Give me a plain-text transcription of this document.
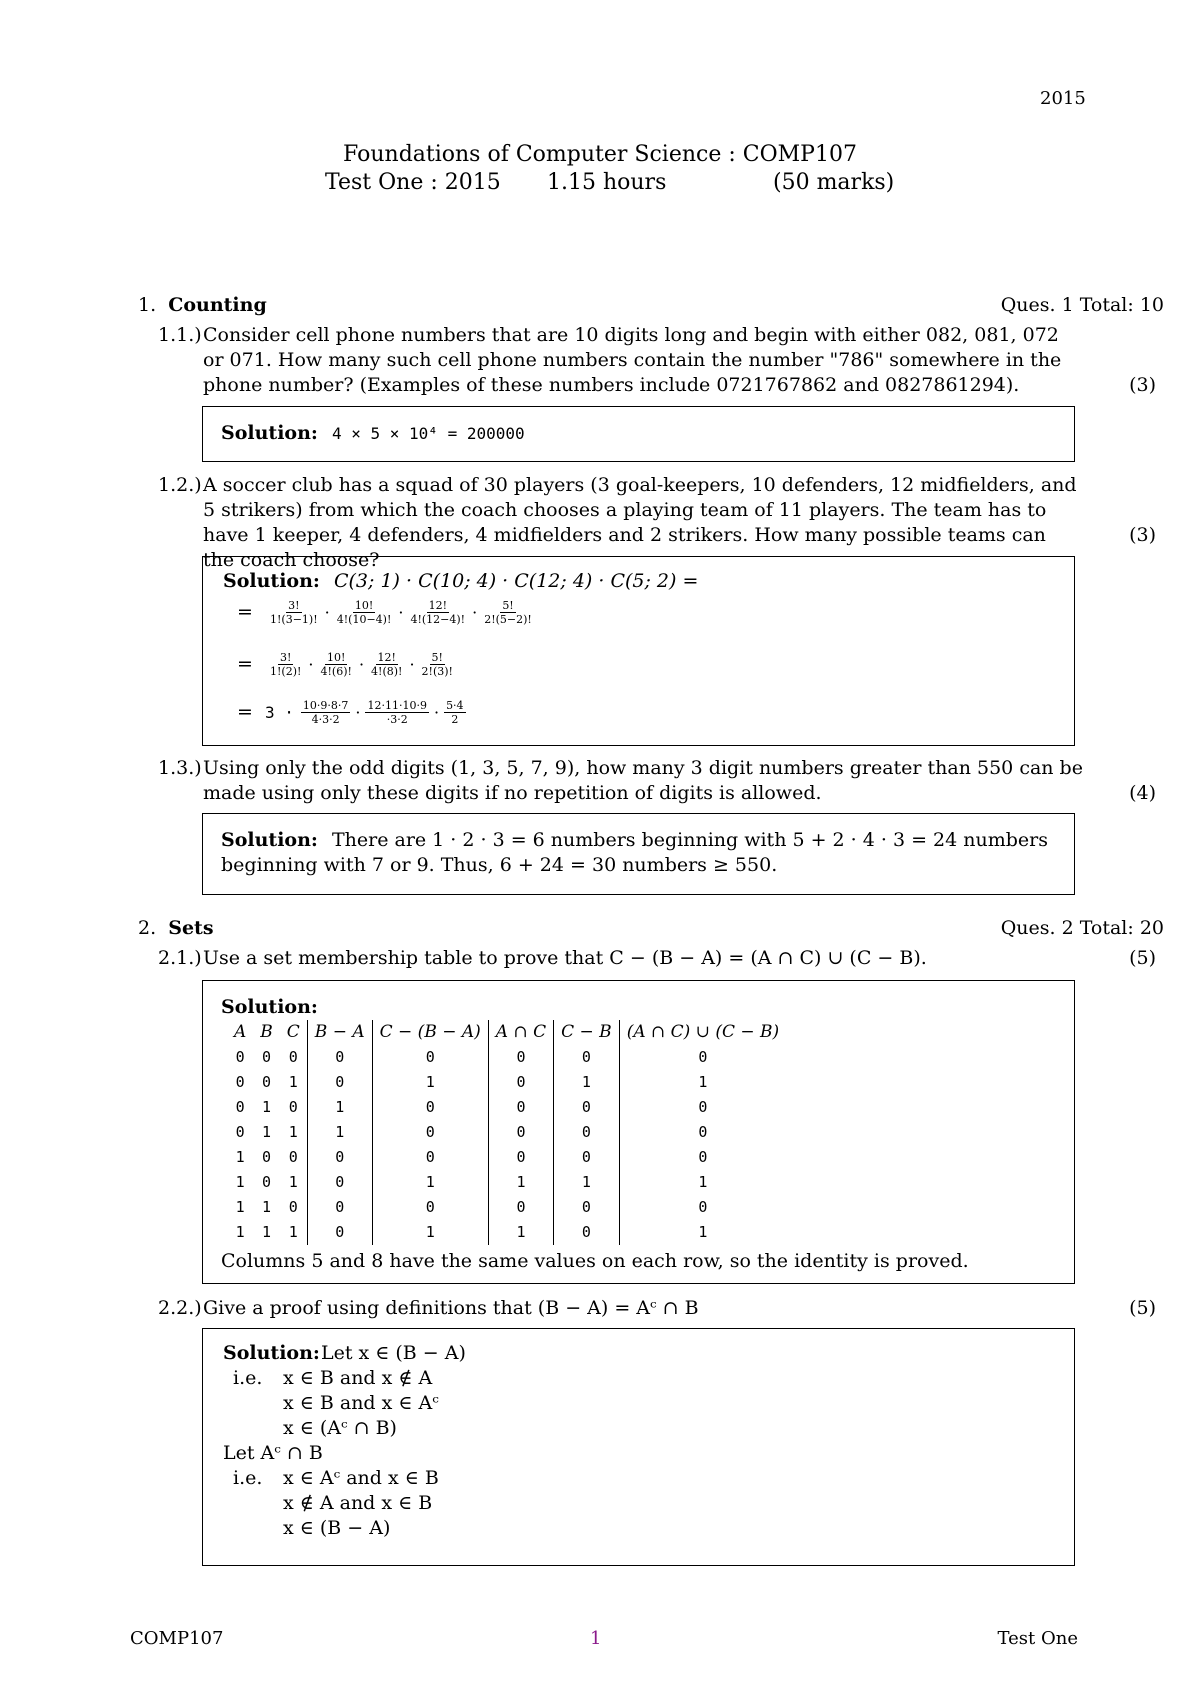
2015
Foundations of Computer Science : COMP107
Test One : 2015 1.15 hours	(50 marks)
1. Counting	Ques. 1 Total: 10
1.1.) Consider cell phone numbers that are 10 digits long and begin with either 082, 081, 072 or 071. How many such cell phone numbers contain the number "786" somewhere in the phone number? (Examples of these numbers include 0721767862 and 0827861294).	(3)
Solution: 4 × 5 × 10⁴ = 200000
1.2.) A soccer club has a squad of 30 players (3 goal-keepers, 10 defenders, 12 midfielders, and 5 strikers) from which the coach chooses a playing team of 11 players. The team has to have 1 keeper, 4 defenders, 4 midfielders and 2 strikers. How many possible teams can the coach choose?
(3)
Solution: C(3; 1) · C(10; 4) · C(12; 4) · C(5; 2) =
=	$\frac{3!}{1!(3-1)!} \cdot \frac{10!}{4!(10-4)!} \cdot \frac{12!}{4!(12-4)!} \cdot \frac{5!}{2!(5-2)!}$
=	$\frac{3!}{1!(2)!} \cdot \frac{10!}{4!(6)!} \cdot \frac{12!}{4!(8)!} \cdot \frac{5!}{2!(3)!}$
= $3 \cdot \frac{10\cdot 9\cdot 8\cdot 7}{4\cdot 3\cdot 2} \cdot \frac{12\cdot 11\cdot 10\cdot 9}{\cdot 3\cdot 2} \cdot \frac{5\cdot 4}{2}$
1.3.) Using only the odd digits (1, 3, 5, 7, 9), how many 3 digit numbers greater than 550 can be made using only these digits if no repetition of digits is allowed.	(4)
Solution: There are 1 · 2 · 3 = 6 numbers beginning with 5 + 2 · 4 · 3 = 24 numbers beginning with 7 or 9. Thus, 6 + 24 = 30 numbers ≥ 550.
2. Sets	Ques. 2 Total: 20
2.1.) Use a set membership table to prove that C − (B − A) = (A ∩ C) ∪ (C − B).	(5)
Solution:
A	B	C	B − A	C − (B − A)	A ∩ C	C − B	(A ∩ C) ∪ (C − B)
0	0	0	0	0	0	0	0
0	0	1	0	1	0	1	1
0	1	0	1	0	0	0	0
0	1	1	1	0	0	0	0
1	0	0	0	0	0	0	0
1	0	1	0	1	1	1	1
1	1	0	0	0	0	0	0
1	1	1	0	1	1	0	1
Columns 5 and 8 have the same values on each row, so the identity is proved.
2.2.) Give a proof using definitions that (B − A) = Aᶜ ∩ B	(5)
Solution: Let x ∈ (B − A)
i.e. x ∈ B and x ∉ A
x ∈ B and x ∈ Aᶜ
x ∈ (Aᶜ ∩ B)
Let Aᶜ ∩ B
i.e. x ∈ Aᶜ and x ∈ B
x ∉ A and x ∈ B
x ∈ (B − A)
COMP107	1	Test One
